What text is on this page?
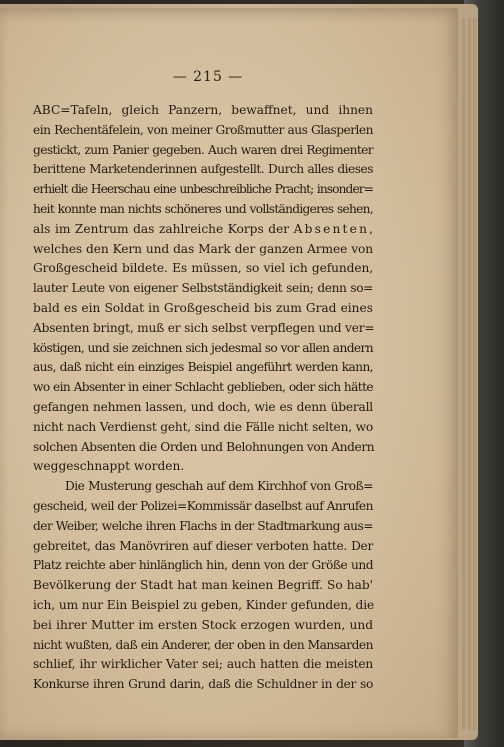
— 215 —
ABC=Tafeln, gleich Panzern, bewaffnet, und ihnen
ein Rechentäfelein, von meiner Großmutter aus Glasperlen
gestickt, zum Panier gegeben. Auch waren drei Regimenter
berittene Marketenderinnen aufgestellt. Durch alles dieses
erhielt die Heerschau eine unbeschreibliche Pracht; insonder=
heit konnte man nichts schöneres und vollständigeres sehen,
als im Zentrum das zahlreiche Korps der Absenten,
welches den Kern und das Mark der ganzen Armee von
Großgescheid bildete. Es müssen, so viel ich gefunden,
lauter Leute von eigener Selbstständigkeit sein; denn so=
bald es ein Soldat in Großgescheid bis zum Grad eines
Absenten bringt, muß er sich selbst verpflegen und ver=
köstigen, und sie zeichnen sich jedesmal so vor allen andern
aus, daß nicht ein einziges Beispiel angeführt werden kann,
wo ein Absenter in einer Schlacht geblieben, oder sich hätte
gefangen nehmen lassen, und doch, wie es denn überall
nicht nach Verdienst geht, sind die Fälle nicht selten, wo
solchen Absenten die Orden und Belohnungen von Andern
weggeschnappt worden.
Die Musterung geschah auf dem Kirchhof von Groß=
gescheid, weil der Polizei=Kommissär daselbst auf Anrufen
der Weiber, welche ihren Flachs in der Stadtmarkung aus=
gebreitet, das Manövriren auf dieser verboten hatte. Der
Platz reichte aber hinlänglich hin, denn von der Größe und
Bevölkerung der Stadt hat man keinen Begriff. So hab'
ich, um nur Ein Beispiel zu geben, Kinder gefunden, die
bei ihrer Mutter im ersten Stock erzogen wurden, und
nicht wußten, daß ein Anderer, der oben in den Mansarden
schlief, ihr wirklicher Vater sei; auch hatten die meisten
Konkurse ihren Grund darin, daß die Schuldner in der so
